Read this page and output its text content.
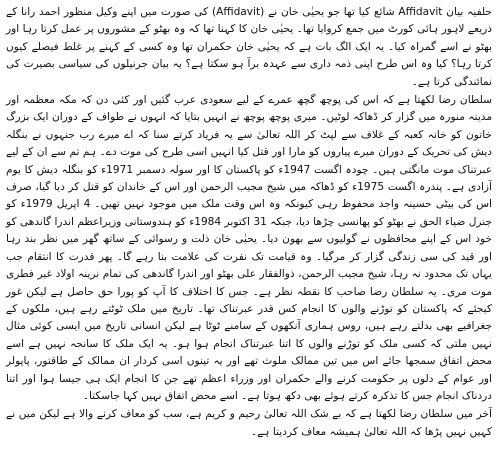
حلفیہ بیان Affidavit شائع کیا تھا جو یحیٰی خان نے (Affidavit) کی صورت میں اپنے وکیل منظور احمد رانا کے ذریعے لاہور ہائی کورٹ میں جمع کروایا تھا۔ یحیٰی خان کا کہنا تھا کہ وہ بھٹو کے مشوروں پر عمل کرتا رہا اور بھٹو نے اسے گمراہ کیا۔ یہ ایک الگ بات ہے کہ یحیٰی خان حکمران تھا وہ کسی کے کہنے پر غلط فیصلے کیوں کرتا رہا؟ کیا وہ اس طرح اپنی ذمہ داری سے عہدہ برآ ہو سکتا ہے؟ یہ بیان جرنیلوں کی سیاسی بصیرت کی نمائندگی کرتا ہے۔

سلطان رضا لکھتا ہے کہ اس کی پوچھ گچھ عمرے کے لیے سعودی عرب گئیں اور کئی دن کہ مکہ معظمہ اور مدینہ منورہ میں گزار کر ڈھاکہ لوٹیں۔ میری پوچھ پوچھ نے انہیں بتایا کہ انہوں نے طواف کے دوران ایک بزرگ خاتون کو خانہ کعبہ کے غلاف سے لپٹ کر اللہ تعالیٰ سے یہ فریاد کرتے سنا کہ اے میرے رب جنہوں نے بنگلہ دیش کی تحریک کے دوران میرے پیاروں کو مارا اور قتل کیا انہیں اسی طرح کی موت دے۔ ہم تم سے ان کے لیے عبرتناک موت مانگتی ہیں۔ چودہ اگست 1947ء کو پاکستان کا اور سولہ دسمبر 1971ء کو بنگلہ دیش کا یوم آزادی ہے۔ پندرہ اگست 1975ء کو ڈھاکہ میں شیخ مجیب الرحمن اور اس کے خاندان کو قتل کر دیا گیا، صرف اس کی بیٹی حسینہ واجد محفوظ رہی کیونکہ وہ اس وقت ملک میں موجود نہیں تھیں۔ 4 اپریل 1979ء کو جنرل ضیاء الحق نے بھٹو کو پھانسی چڑھا دیا، جبکہ 31 اکتوبر 1984ء کو ہندوستانی وزیراعظم اندرا گاندھی کو خود اس کے اپنے محافظوں نے گولیوں سے بھون دیا۔ یحیٰی خان ذلت و رسوائی کے ساتھ گھر میں نظر بند رہا اور قید کی سی زندگی گزار کر مرگیا۔ وہ قیامت تک نفرت کی علامت بنا رہے گا۔ پھر قدرت کا انتقام جب یہاں تک محدود نہ رہا، شیخ مجیب الرحمن، ذوالفقار علی بھٹو اور اندرا گاندھی کی تمام نرینہ اولاد غیر فطری موت مری۔ یہ سلطان رضا صاحب کا نقطہ نظر ہے۔ جس کا اختلاف کا آپ کو پورا حق حاصل ہے لیکن غور کیجئے کہ پاکستان کو توڑنے والوں کا انجام کس قدر عبرتناک تھا۔ تاریخ میں ملک ٹوٹتے رہے ہیں، ملکوں کے جغرافیے بھی بدلتے رہے ہیں، روس ہماری آنکھوں کے سامنے ٹوٹا ہے لیکن انسانی تاریخ میں ایسی کوئی مثال نہیں ملتی کہ کسی ملک کو توڑنے والوں کا اتنا عبرتناک انجام ہوا ہو۔ یہ ایک ملک کا سانحہ نہیں ہے اسے محض اتفاق سمجھا جائے اس میں تین ممالک ملوث تھے اور یہ تینوں اسی کردار ان ممالک کے طاقتور، پاپولر اور عوام کے دلوں پر حکومت کرنے والے حکمران اور وزراء اعظم تھے جن کا انجام ایک ہی جیسا ہوا اور اتنا دردناک انجام جس کا تذکرہ کرتے ہوئے بھی دکھ ہوتا ہے۔ اسے محض اتفاق نہیں کہا جاسکتا۔

آخر میں سلطان رضا لکھتا ہے کہ بے شک اللہ تعالیٰ رحیم و کریم ہے، سب کو معاف کرنے والا ہے لیکن میں نے کہیں نہیں پڑھا کہ اللہ تعالیٰ ہمیشہ معاف کردیتا ہے۔
